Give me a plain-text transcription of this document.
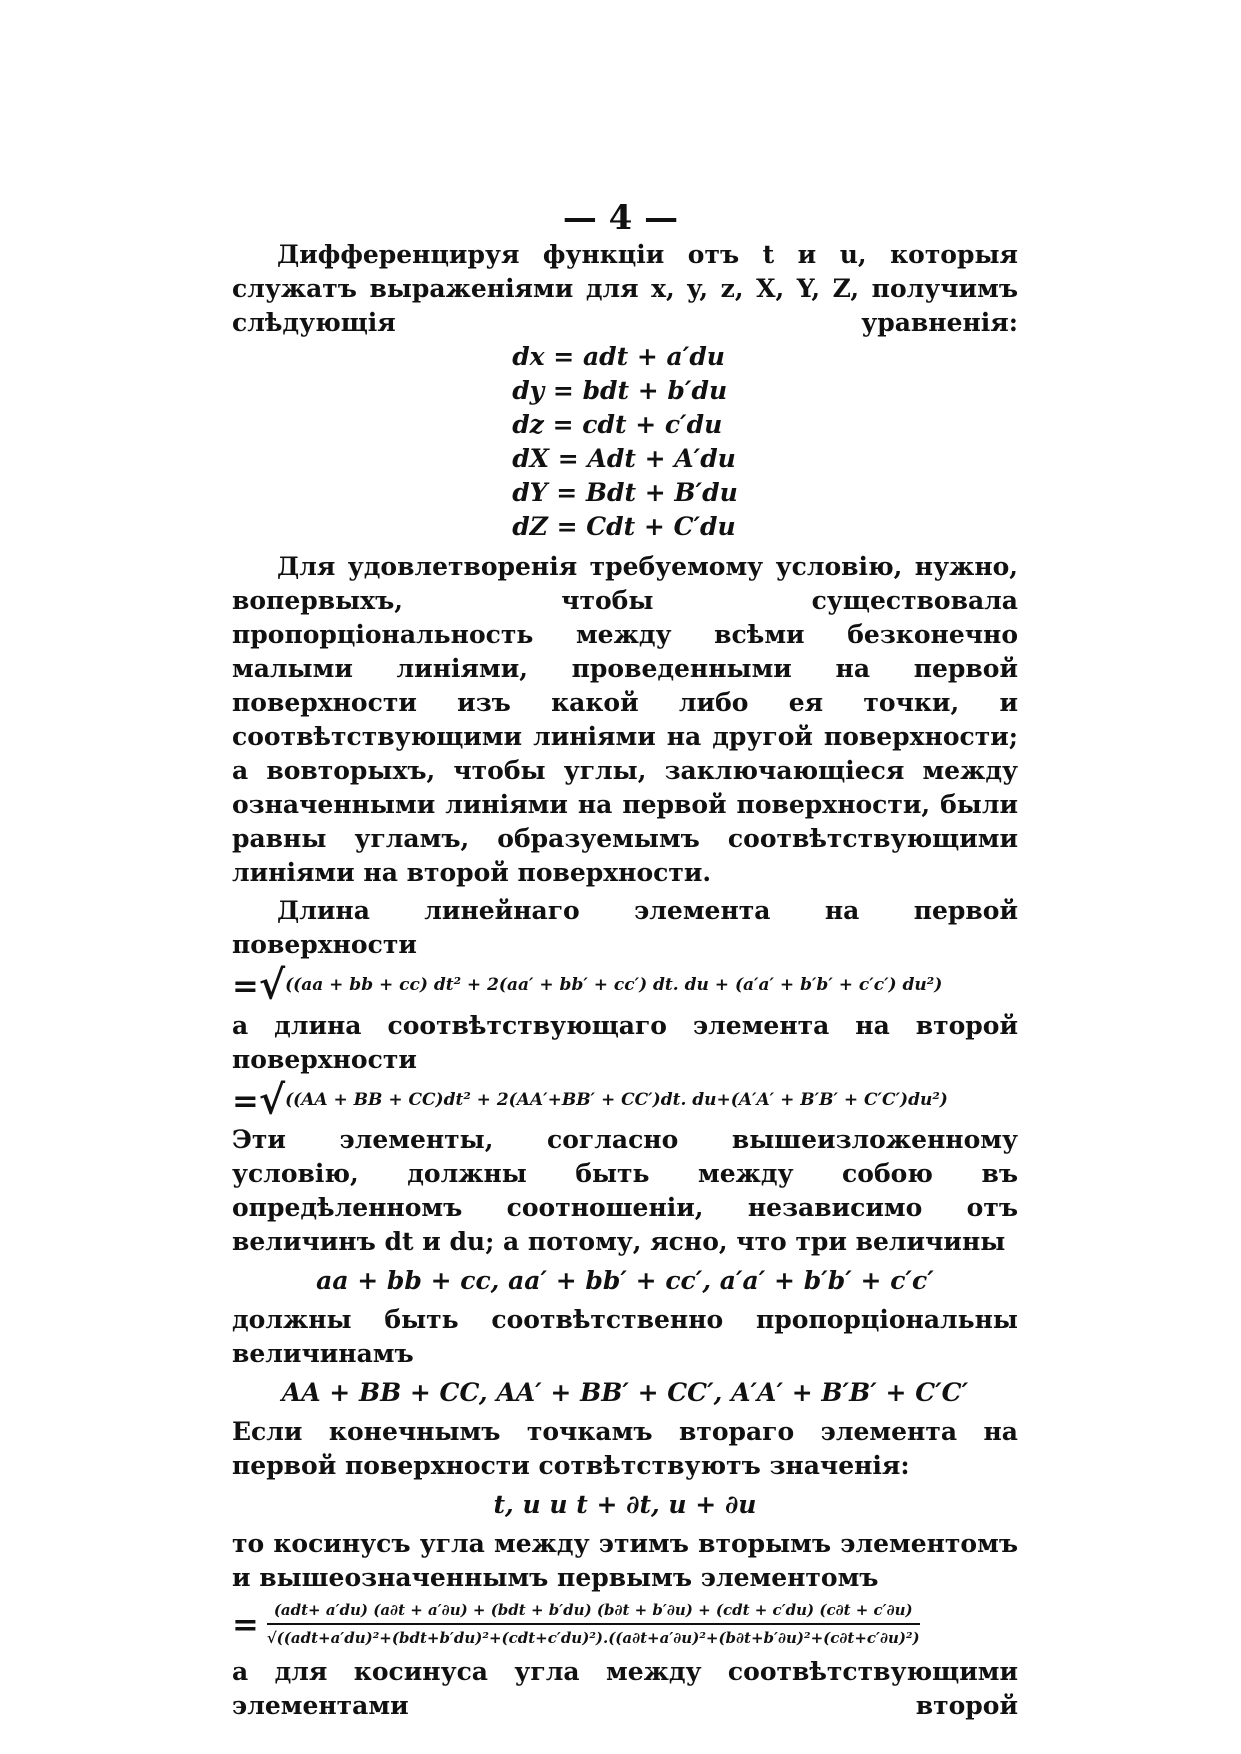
— 4 —

Диффеpенцируя функціи отъ t и u, которыя служатъ выраженіями для x, y, z, X, Y, Z, получимъ слѣдующія уравненія:

dx = adt + a′du
dy = bdt + b′du
dz = cdt + c′du
dX = Adt + A′du
dY = Bdt + B′du
dZ = Cdt + C′du

Для удовлетворенія требуемому условію, нужно, вопервыхъ, чтобы существовала пропорціональность между всѣми безконечно малыми линіями, проведенными на первой поверхности изъ какой либо ея точки, и соотвѣтствующими линіями на другой поверхности; а вовторыхъ, чтобы углы, заключающіеся между означенными линіями на первой поверхности, были равны угламъ, образуемымъ соотвѣтствующими линіями на второй поверхности.

Длина линейнаго элемента на первой поверхности

=√((aa + bb + cc) dt² + 2(aa′ + bb′ + cc′) dt. du + (a′a′ + b′b′ + c′c′) du²)

а длина соотвѣтствующаго элемента на второй поверхности

=√((AA + BB + CC)dt² + 2(AA′+BB′ + CC′)dt. du+(A′A′ + B′B′ + C′C′)du²)

Эти элементы, согласно вышеизложенному условію, должны быть между собою въ опредѣленномъ соотношеніи, независимо отъ величинъ dt и du; а потому, ясно, что три величины

aa + bb + cc, aa′ + bb′ + cc′, a′a′ + b′b′ + c′c′

должны быть соотвѣтственно пропорціональны величинамъ

AA + BB + CC, AA′ + BB′ + CC′, A′A′ + B′B′ + C′C′

Если конечнымъ точкамъ втораго элемента на первой поверхности сотвѣтствуютъ значенія:

t, u и t + ∂t, u + ∂u

то косинусъ угла между этимъ вторымъ элементомъ и вышеозначеннымъ первымъ элементомъ

=	(adt+ a′du) (a∂t + a′∂u) + (bdt + b′du) (b∂t + b′∂u) + (cdt + c′du) (c∂t + c′∂u)
√((adt+a′du)²+(bdt+b′du)²+(cdt+c′du)²).((a∂t+a′∂u)²+(b∂t+b′∂u)²+(c∂t+c′∂u)²)

а для косинуса угла между соотвѣтствующими элементами второй
